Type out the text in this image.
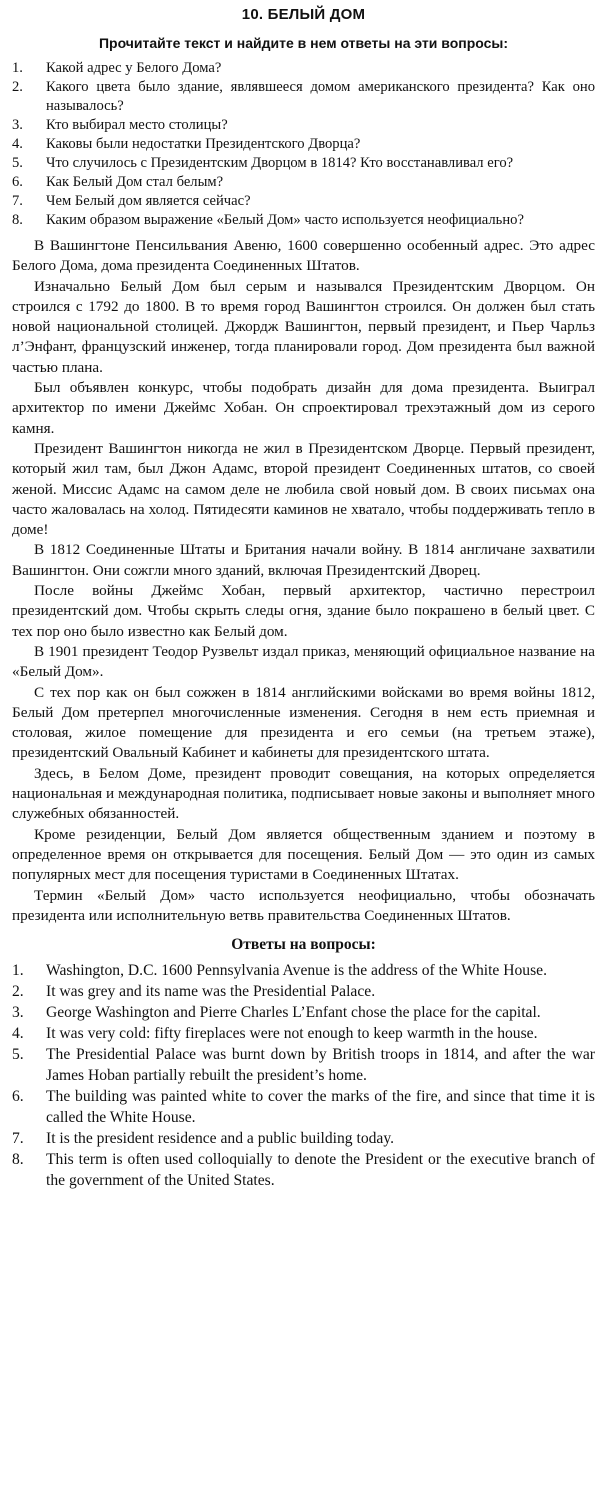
10. БЕЛЫЙ ДОМ
Прочитайте текст и найдите в нем ответы на эти вопросы:
1.	Какой адрес у Белого Дома?
2.	Какого цвета было здание, являвшееся домом американского президента? Как оно называлось?
3.	Кто выбирал место столицы?
4.	Каковы были недостатки Президентского Дворца?
5.	Что случилось с Президентским Дворцом в 1814? Кто восстанавливал его?
6.	Как Белый Дом стал белым?
7.	Чем Белый дом является сейчас?
8.	Каким образом выражение «Белый Дом» часто используется неофициально?

В Вашингтоне Пенсильвания Авеню, 1600 совершенно особенный адрес. Это адрес Белого Дома, дома президента Соединенных Штатов.

Изначально Белый Дом был серым и назывался Президентским Дворцом. Он строился с 1792 до 1800. В то время город Вашингтон строился. Он должен был стать новой национальной столицей. Джордж Вашингтон, первый президент, и Пьер Чарльз л’Энфант, французский инженер, тогда планировали город. Дом президента был важной частью плана.

Был объявлен конкурс, чтобы подобрать дизайн для дома президента. Выиграл архитектор по имени Джеймс Хобан. Он спроектировал трехэтажный дом из серого камня.

Президент Вашингтон никогда не жил в Президентском Дворце. Первый президент, который жил там, был Джон Адамс, второй президент Соединенных штатов, со своей женой. Миссис Адамс на самом деле не любила свой новый дом. В своих письмах она часто жаловалась на холод. Пятидесяти каминов не хватало, чтобы поддерживать тепло в доме!

В 1812 Соединенные Штаты и Британия начали войну. В 1814 англичане захватили Вашингтон. Они сожгли много зданий, включая Президентский Дворец.

После войны Джеймс Хобан, первый архитектор, частично перестроил президентский дом. Чтобы скрыть следы огня, здание было покрашено в белый цвет. С тех пор оно было известно как Белый дом.

В 1901 президент Теодор Рузвельт издал приказ, меняющий официальное название на «Белый Дом».

С тех пор как он был сожжен в 1814 английскими войсками во время войны 1812, Белый Дом претерпел многочисленные изменения. Сегодня в нем есть приемная и столовая, жилое помещение для президента и его семьи (на третьем этаже), президентский Овальный Кабинет и кабинеты для президентского штата.

Здесь, в Белом Доме, президент проводит совещания, на которых определяется национальная и международная политика, подписывает новые законы и выполняет много служебных обязанностей.

Кроме резиденции, Белый Дом является общественным зданием и поэтому в определенное время он открывается для посещения. Белый Дом — это один из самых популярных мест для посещения туристами в Соединенных Штатах.

Термин «Белый Дом» часто используется неофициально, чтобы обозначать президента или исполнительную ветвь правительства Соединенных Штатов.

Ответы на вопросы:
1.	Washington, D.C. 1600 Pennsylvania Avenue is the address of the White House.
2.	It was grey and its name was the Presidential Palace.
3.	George Washington and Pierre Charles L’Enfant chose the place for the capital.
4.	It was very cold: fifty fireplaces were not enough to keep warmth in the house.
5.	The Presidential Palace was burnt down by British troops in 1814, and after the war James Hoban partially rebuilt the president’s home.
6.	The building was painted white to cover the marks of the fire, and since that time it is called the White House.
7.	It is the president residence and a public building today.
8.	This term is often used colloquially to denote the President or the executive branch of the government of the United States.
